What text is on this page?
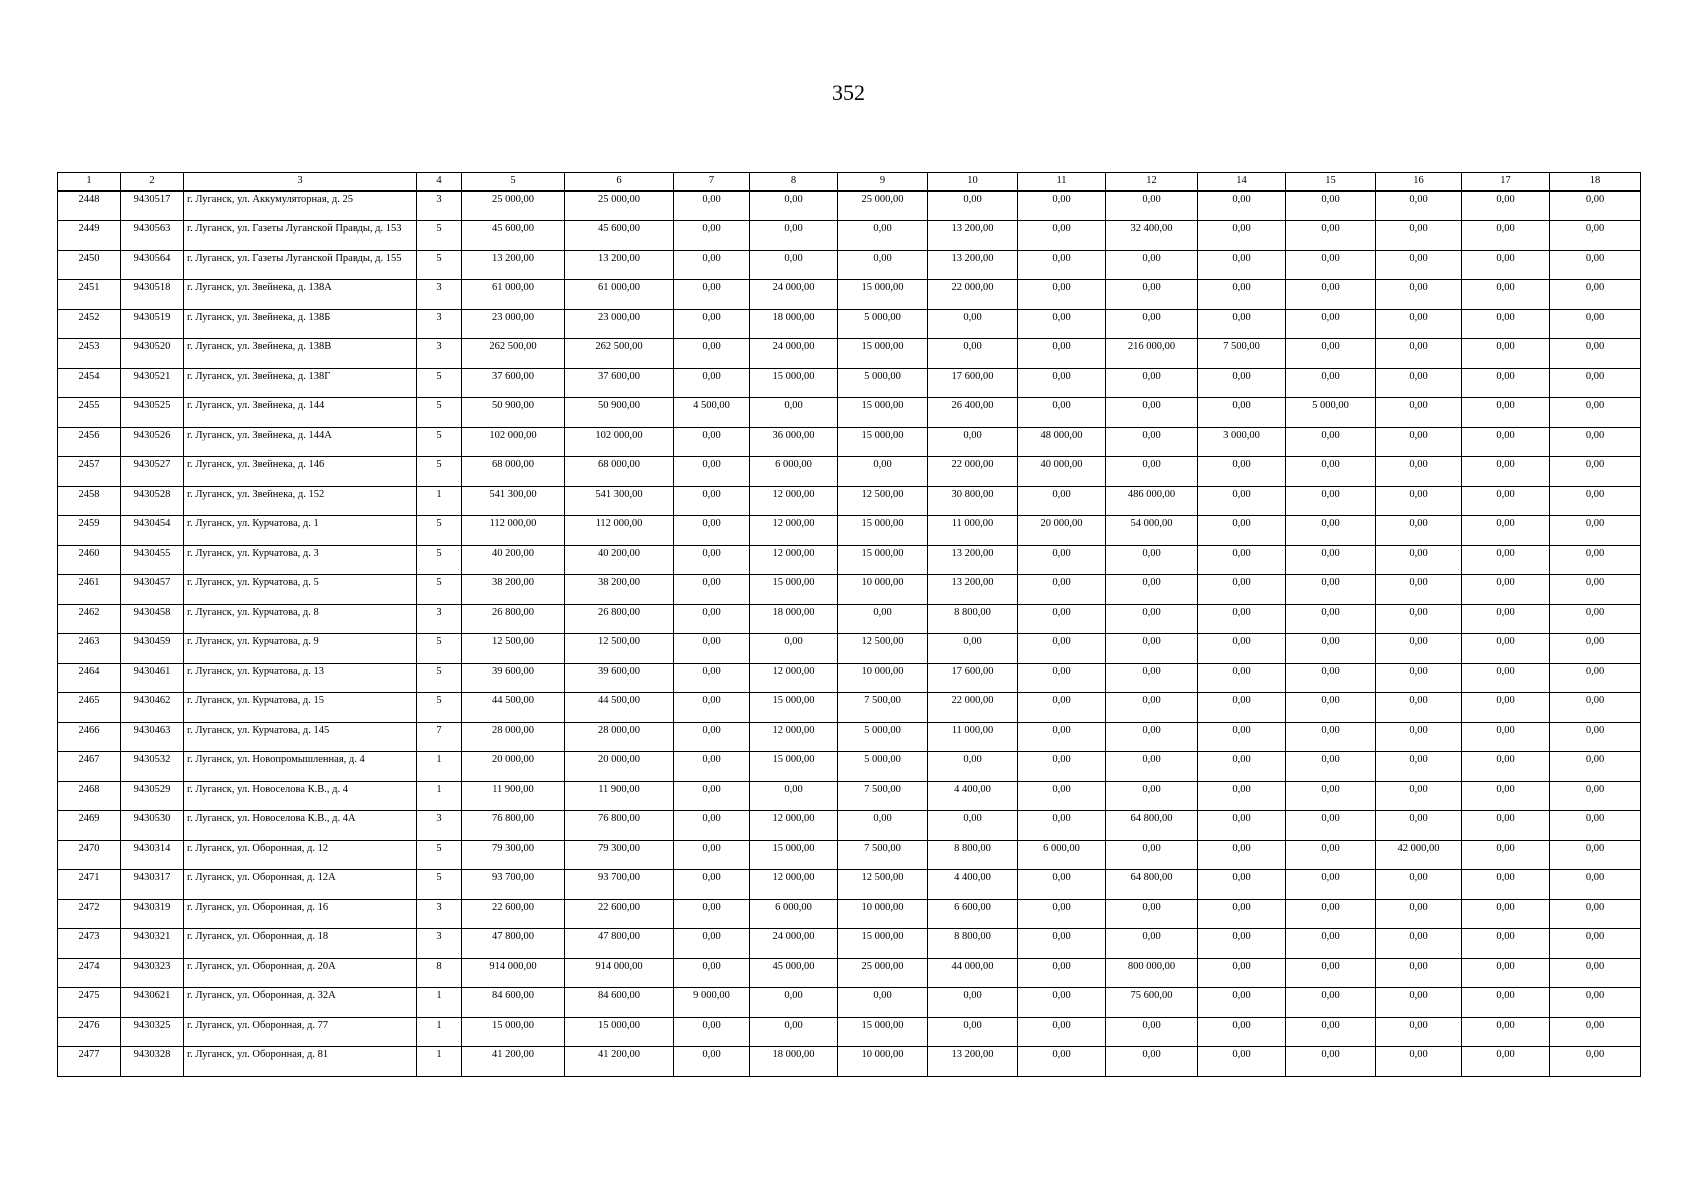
352
1	2	3	4	5	6	7	8	9	10	11	12	14	15	16	17	18
2448	9430517	г. Луганск, ул. Аккумуляторная, д. 25	3	25 000,00	25 000,00	0,00	0,00	25 000,00	0,00	0,00	0,00	0,00	0,00	0,00	0,00	0,00
2449	9430563	г. Луганск, ул. Газеты Луганской Правды, д. 153	5	45 600,00	45 600,00	0,00	0,00	0,00	13 200,00	0,00	32 400,00	0,00	0,00	0,00	0,00	0,00
2450	9430564	г. Луганск, ул. Газеты Луганской Правды, д. 155	5	13 200,00	13 200,00	0,00	0,00	0,00	13 200,00	0,00	0,00	0,00	0,00	0,00	0,00	0,00
2451	9430518	г. Луганск, ул. Звейнека, д. 138А	3	61 000,00	61 000,00	0,00	24 000,00	15 000,00	22 000,00	0,00	0,00	0,00	0,00	0,00	0,00	0,00
2452	9430519	г. Луганск, ул. Звейнека, д. 138Б	3	23 000,00	23 000,00	0,00	18 000,00	5 000,00	0,00	0,00	0,00	0,00	0,00	0,00	0,00	0,00
2453	9430520	г. Луганск, ул. Звейнека, д. 138В	3	262 500,00	262 500,00	0,00	24 000,00	15 000,00	0,00	0,00	216 000,00	7 500,00	0,00	0,00	0,00	0,00
2454	9430521	г. Луганск, ул. Звейнека, д. 138Г	5	37 600,00	37 600,00	0,00	15 000,00	5 000,00	17 600,00	0,00	0,00	0,00	0,00	0,00	0,00	0,00
2455	9430525	г. Луганск, ул. Звейнека, д. 144	5	50 900,00	50 900,00	4 500,00	0,00	15 000,00	26 400,00	0,00	0,00	0,00	5 000,00	0,00	0,00	0,00
2456	9430526	г. Луганск, ул. Звейнека, д. 144А	5	102 000,00	102 000,00	0,00	36 000,00	15 000,00	0,00	48 000,00	0,00	3 000,00	0,00	0,00	0,00	0,00
2457	9430527	г. Луганск, ул. Звейнека, д. 146	5	68 000,00	68 000,00	0,00	6 000,00	0,00	22 000,00	40 000,00	0,00	0,00	0,00	0,00	0,00	0,00
2458	9430528	г. Луганск, ул. Звейнека, д. 152	1	541 300,00	541 300,00	0,00	12 000,00	12 500,00	30 800,00	0,00	486 000,00	0,00	0,00	0,00	0,00	0,00
2459	9430454	г. Луганск, ул. Курчатова, д. 1	5	112 000,00	112 000,00	0,00	12 000,00	15 000,00	11 000,00	20 000,00	54 000,00	0,00	0,00	0,00	0,00	0,00
2460	9430455	г. Луганск, ул. Курчатова, д. 3	5	40 200,00	40 200,00	0,00	12 000,00	15 000,00	13 200,00	0,00	0,00	0,00	0,00	0,00	0,00	0,00
2461	9430457	г. Луганск, ул. Курчатова, д. 5	5	38 200,00	38 200,00	0,00	15 000,00	10 000,00	13 200,00	0,00	0,00	0,00	0,00	0,00	0,00	0,00
2462	9430458	г. Луганск, ул. Курчатова, д. 8	3	26 800,00	26 800,00	0,00	18 000,00	0,00	8 800,00	0,00	0,00	0,00	0,00	0,00	0,00	0,00
2463	9430459	г. Луганск, ул. Курчатова, д. 9	5	12 500,00	12 500,00	0,00	0,00	12 500,00	0,00	0,00	0,00	0,00	0,00	0,00	0,00	0,00
2464	9430461	г. Луганск, ул. Курчатова, д. 13	5	39 600,00	39 600,00	0,00	12 000,00	10 000,00	17 600,00	0,00	0,00	0,00	0,00	0,00	0,00	0,00
2465	9430462	г. Луганск, ул. Курчатова, д. 15	5	44 500,00	44 500,00	0,00	15 000,00	7 500,00	22 000,00	0,00	0,00	0,00	0,00	0,00	0,00	0,00
2466	9430463	г. Луганск, ул. Курчатова, д. 145	7	28 000,00	28 000,00	0,00	12 000,00	5 000,00	11 000,00	0,00	0,00	0,00	0,00	0,00	0,00	0,00
2467	9430532	г. Луганск, ул. Новопромышленная, д. 4	1	20 000,00	20 000,00	0,00	15 000,00	5 000,00	0,00	0,00	0,00	0,00	0,00	0,00	0,00	0,00
2468	9430529	г. Луганск, ул. Новоселова К.В., д. 4	1	11 900,00	11 900,00	0,00	0,00	7 500,00	4 400,00	0,00	0,00	0,00	0,00	0,00	0,00	0,00
2469	9430530	г. Луганск, ул. Новоселова К.В., д. 4А	3	76 800,00	76 800,00	0,00	12 000,00	0,00	0,00	0,00	64 800,00	0,00	0,00	0,00	0,00	0,00
2470	9430314	г. Луганск, ул. Оборонная, д. 12	5	79 300,00	79 300,00	0,00	15 000,00	7 500,00	8 800,00	6 000,00	0,00	0,00	0,00	42 000,00	0,00	0,00
2471	9430317	г. Луганск, ул. Оборонная, д. 12А	5	93 700,00	93 700,00	0,00	12 000,00	12 500,00	4 400,00	0,00	64 800,00	0,00	0,00	0,00	0,00	0,00
2472	9430319	г. Луганск, ул. Оборонная, д. 16	3	22 600,00	22 600,00	0,00	6 000,00	10 000,00	6 600,00	0,00	0,00	0,00	0,00	0,00	0,00	0,00
2473	9430321	г. Луганск, ул. Оборонная, д. 18	3	47 800,00	47 800,00	0,00	24 000,00	15 000,00	8 800,00	0,00	0,00	0,00	0,00	0,00	0,00	0,00
2474	9430323	г. Луганск, ул. Оборонная, д. 20А	8	914 000,00	914 000,00	0,00	45 000,00	25 000,00	44 000,00	0,00	800 000,00	0,00	0,00	0,00	0,00	0,00
2475	9430621	г. Луганск, ул. Оборонная, д. 32А	1	84 600,00	84 600,00	9 000,00	0,00	0,00	0,00	0,00	75 600,00	0,00	0,00	0,00	0,00	0,00
2476	9430325	г. Луганск, ул. Оборонная, д. 77	1	15 000,00	15 000,00	0,00	0,00	15 000,00	0,00	0,00	0,00	0,00	0,00	0,00	0,00	0,00
2477	9430328	г. Луганск, ул. Оборонная, д. 81	1	41 200,00	41 200,00	0,00	18 000,00	10 000,00	13 200,00	0,00	0,00	0,00	0,00	0,00	0,00	0,00
